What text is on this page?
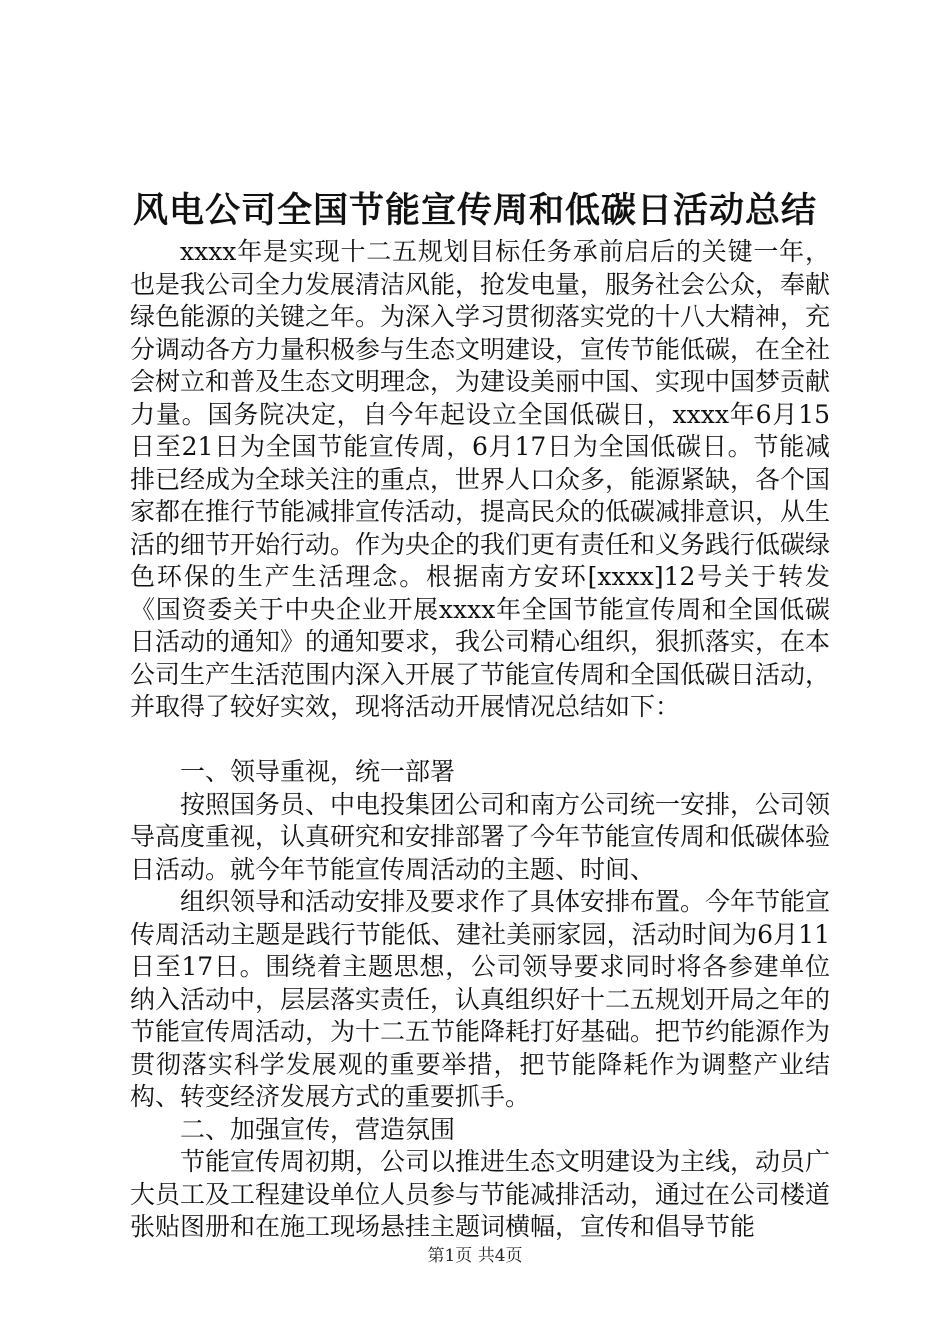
风电公司全国节能宣传周和低碳日活动总结

xxxx年是实现十二五规划目标任务承前启后的关键一年，也是我公司全力发展清洁风能，抢发电量，服务社会公众，奉献绿色能源的关键之年。为深入学习贯彻落实党的十八大精神，充分调动各方力量积极参与生态文明建设，宣传节能低碳，在全社会树立和普及生态文明理念，为建设美丽中国、实现中国梦贡献力量。国务院决定，自今年起设立全国低碳日，xxxx年6月15日至21日为全国节能宣传周，6月17日为全国低碳日。节能减排已经成为全球关注的重点，世界人口众多，能源紧缺，各个国家都在推行节能减排宣传活动，提高民众的低碳减排意识，从生活的细节开始行动。作为央企的我们更有责任和义务践行低碳绿色环保的生产生活理念。根据南方安环[xxxx]12号关于转发《国资委关于中央企业开展xxxx年全国节能宣传周和全国低碳日活动的通知》的通知要求，我公司精心组织，狠抓落实，在本公司生产生活范围内深入开展了节能宣传周和全国低碳日活动，并取得了较好实效，现将活动开展情况总结如下：

一、领导重视，统一部署

按照国务员、中电投集团公司和南方公司统一安排，公司领导高度重视，认真研究和安排部署了今年节能宣传周和低碳体验日活动。就今年节能宣传周活动的主题、时间、

组织领导和活动安排及要求作了具体安排布置。今年节能宣传周活动主题是践行节能低、建社美丽家园，活动时间为6月11日至17日。围绕着主题思想，公司领导要求同时将各参建单位纳入活动中，层层落实责任，认真组织好十二五规划开局之年的节能宣传周活动，为十二五节能降耗打好基础。把节约能源作为贯彻落实科学发展观的重要举措，把节能降耗作为调整产业结构、转变经济发展方式的重要抓手。

二、加强宣传，营造氛围

节能宣传周初期，公司以推进生态文明建设为主线，动员广大员工及工程建设单位人员参与节能减排活动，通过在公司楼道张贴图册和在施工现场悬挂主题词横幅，宣传和倡导节能

第1页 共4页
